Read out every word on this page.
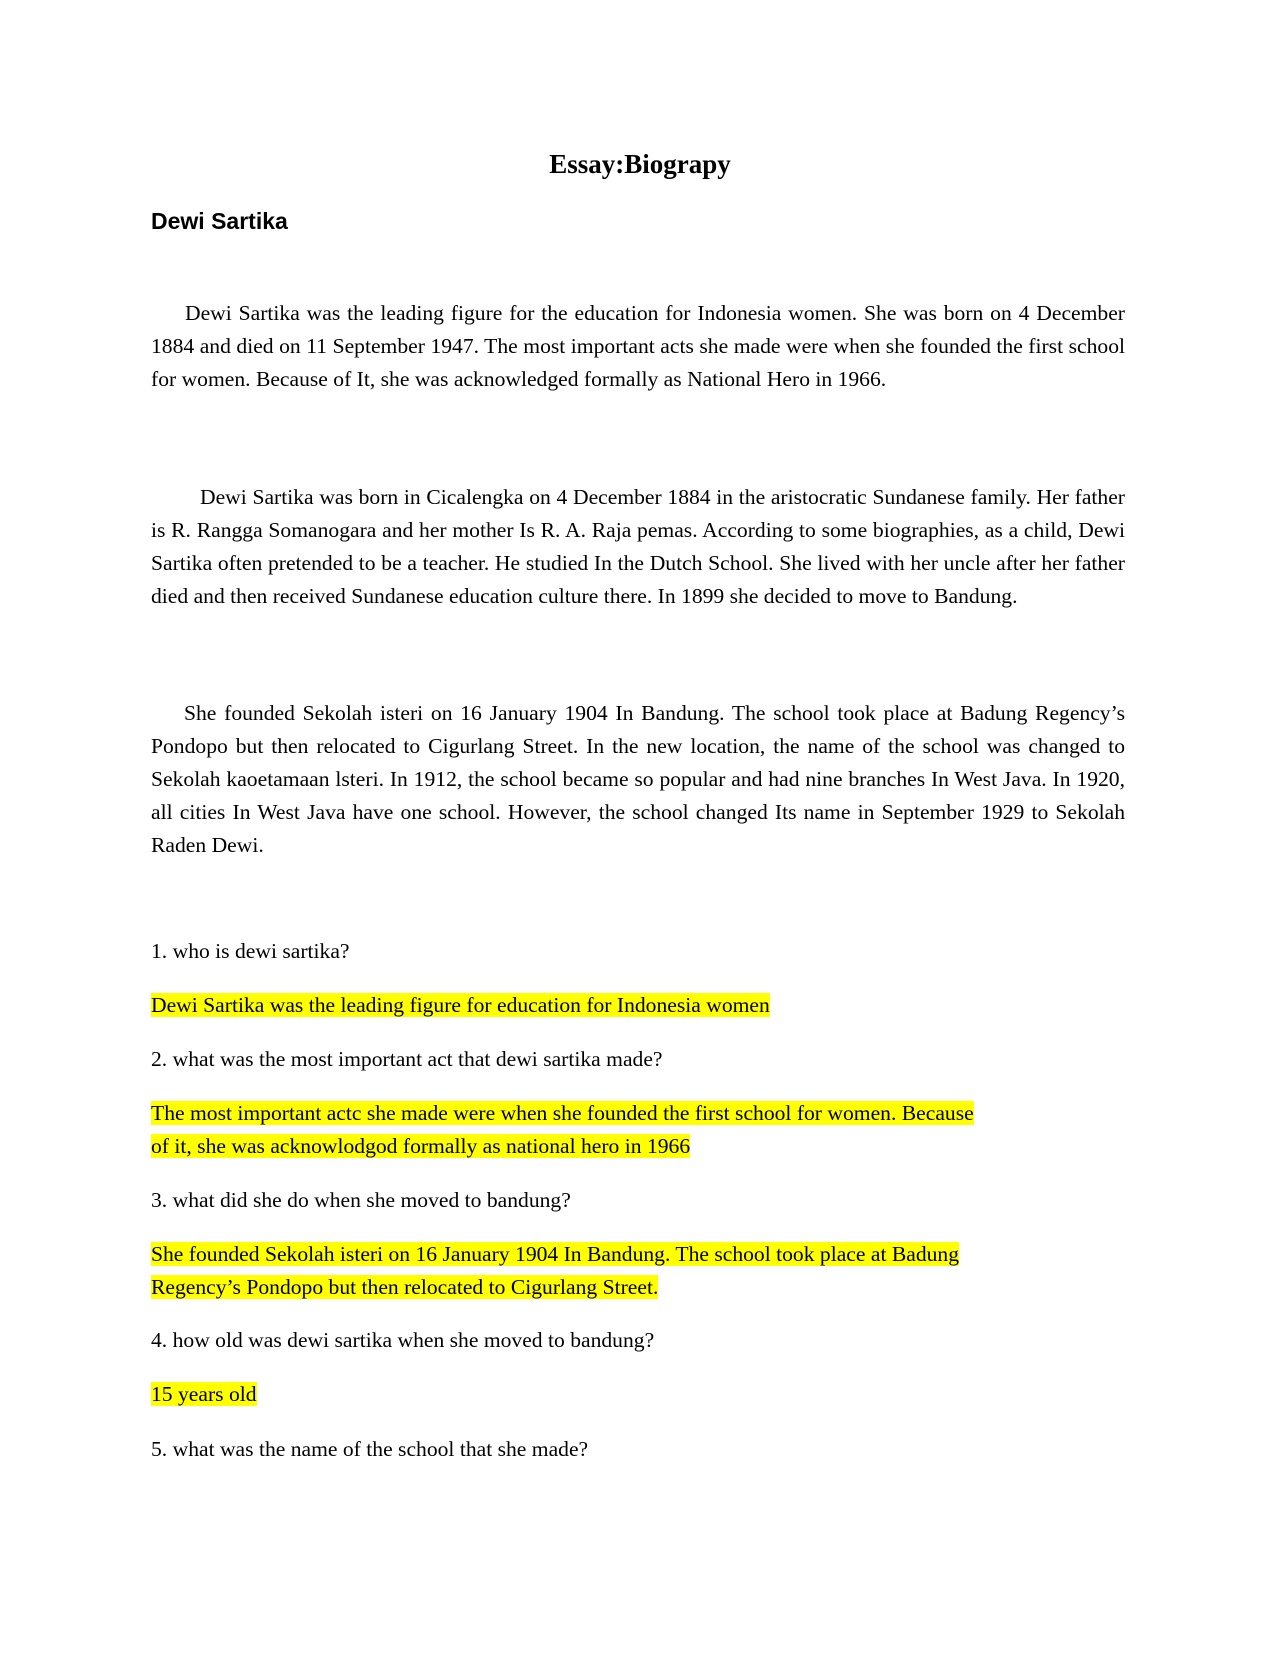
Essay:Biograpy
Dewi Sartika

Dewi Sartika was the leading figure for the education for Indonesia women. She was born on 4 December 1884 and died on 11 September 1947. The most important acts she made were when she founded the first school for women. Because of It, she was acknowledged formally as National Hero in 1966.

Dewi Sartika was born in Cicalengka on 4 December 1884 in the aristocratic Sundanese family. Her father is R. Rangga Somanogara and her mother Is R. A. Raja pemas. According to some biographies, as a child, Dewi Sartika often pretended to be a teacher. He studied In the Dutch School. She lived with her uncle after her father died and then received Sundanese education culture there. In 1899 she decided to move to Bandung.

She founded Sekolah isteri on 16 January 1904 In Bandung. The school took place at Badung Regency’s Pondopo but then relocated to Cigurlang Street. In the new location, the name of the school was changed to Sekolah kaoetamaan lsteri. In 1912, the school became so popular and had nine branches In West Java. In 1920, all cities In West Java have one school. However, the school changed Its name in September 1929 to Sekolah Raden Dewi.

1. who is dewi sartika?

Dewi Sartika was the leading figure for education for Indonesia women

2. what was the most important act that dewi sartika made?

The most important actc she made were when she founded the first school for women. Because
of it, she was acknowlodgod formally as national hero in 1966

3. what did she do when she moved to bandung?

She founded Sekolah isteri on 16 January 1904 In Bandung. The school took place at Badung
Regency’s Pondopo but then relocated to Cigurlang Street.

4. how old was dewi sartika when she moved to bandung?

15 years old

5. what was the name of the school that she made?
